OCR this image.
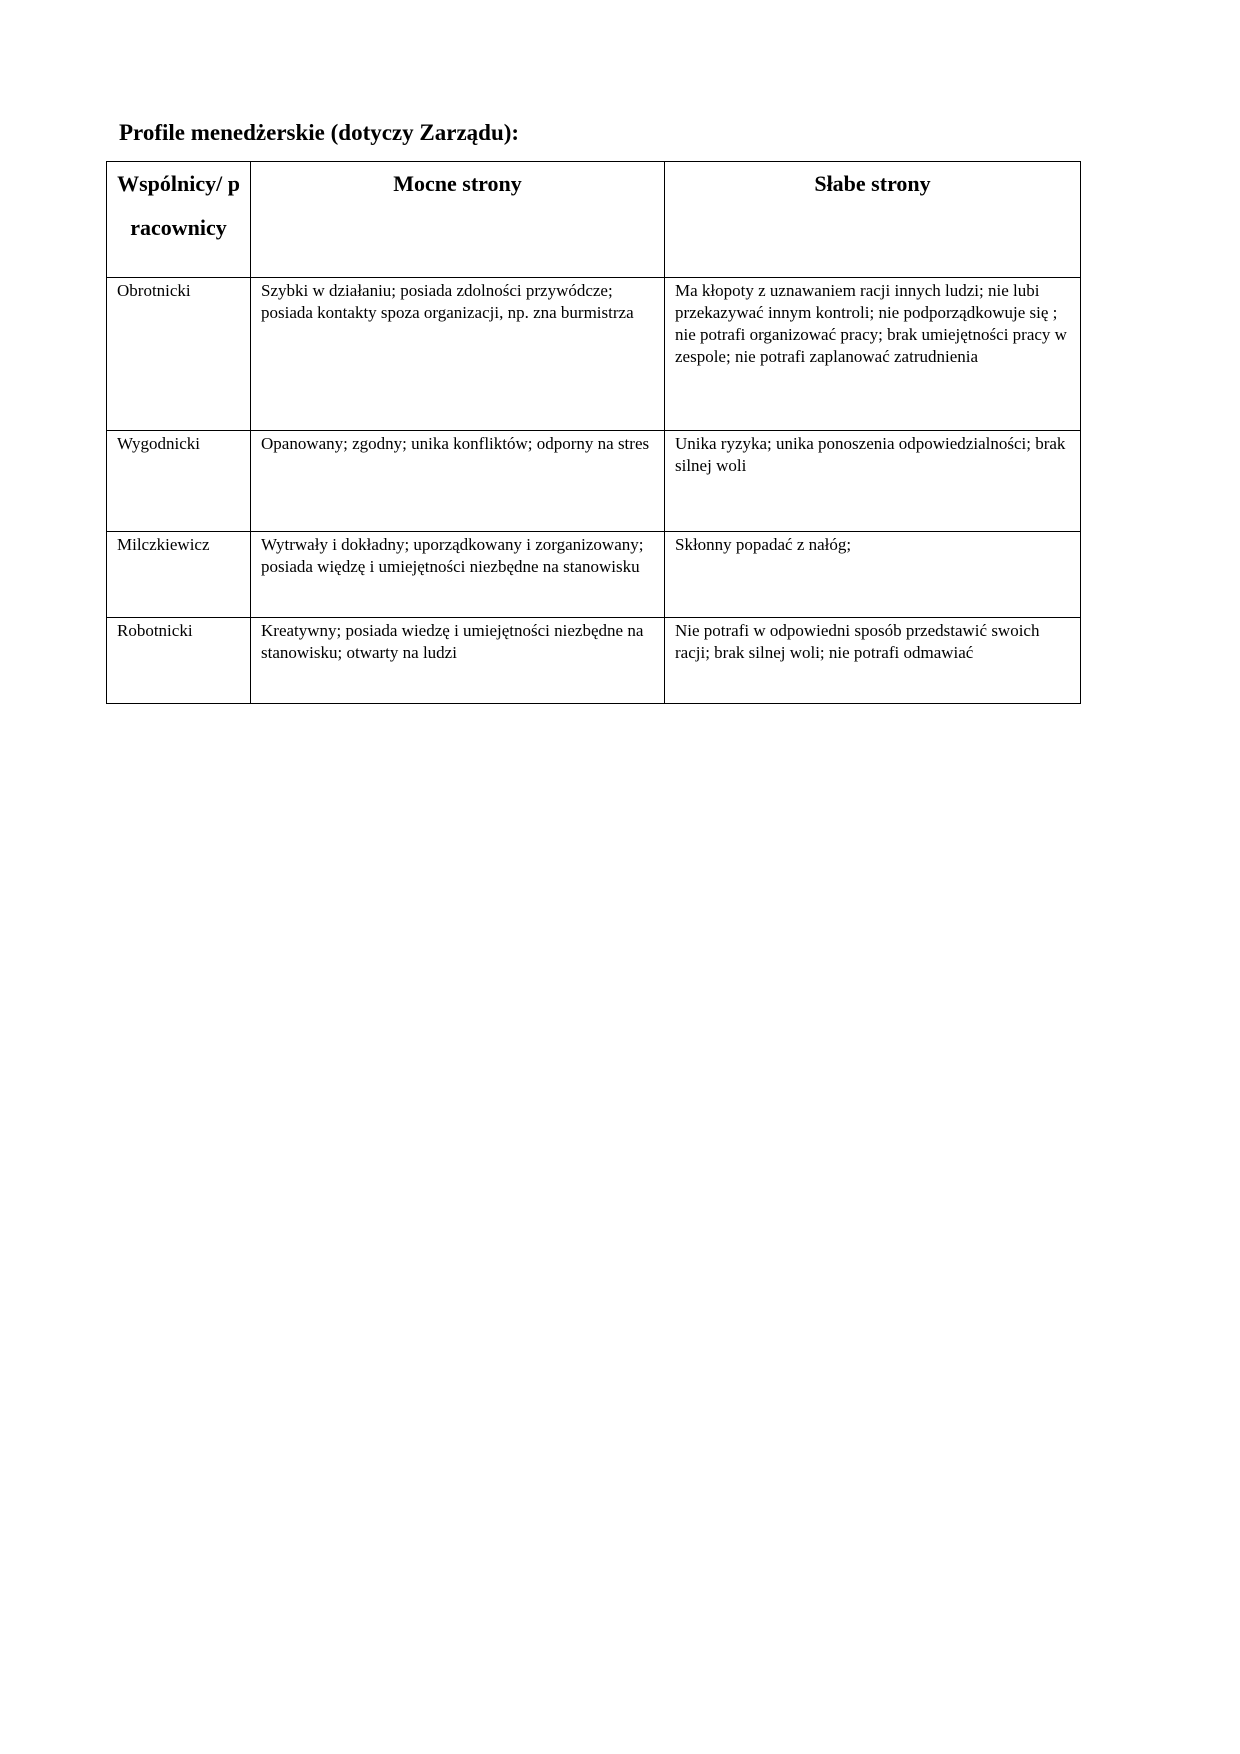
Profile menedżerskie (dotyczy Zarządu):
Wspólnicy/ pracownicy	Mocne strony	Słabe strony
Obrotnicki	Szybki w działaniu; posiada zdolności przywódcze; posiada kontakty spoza organizacji, np. zna burmistrza	Ma kłopoty z uznawaniem racji innych ludzi; nie lubi przekazywać innym kontroli; nie podporządkowuje się ; nie potrafi organizować pracy; brak umiejętności pracy w zespole; nie potrafi zaplanować zatrudnienia
Wygodnicki	Opanowany; zgodny; unika konfliktów; odporny na stres	Unika ryzyka; unika ponoszenia odpowiedzialności; brak silnej woli
Milczkiewicz	Wytrwały i dokładny; uporządkowany i zorganizowany; posiada więdzę i umiejętności niezbędne na stanowisku	Skłonny popadać z nałóg;
Robotnicki	Kreatywny; posiada wiedzę i umiejętności niezbędne na stanowisku; otwarty na ludzi	Nie potrafi w odpowiedni sposób przedstawić swoich racji; brak silnej woli; nie potrafi odmawiać
